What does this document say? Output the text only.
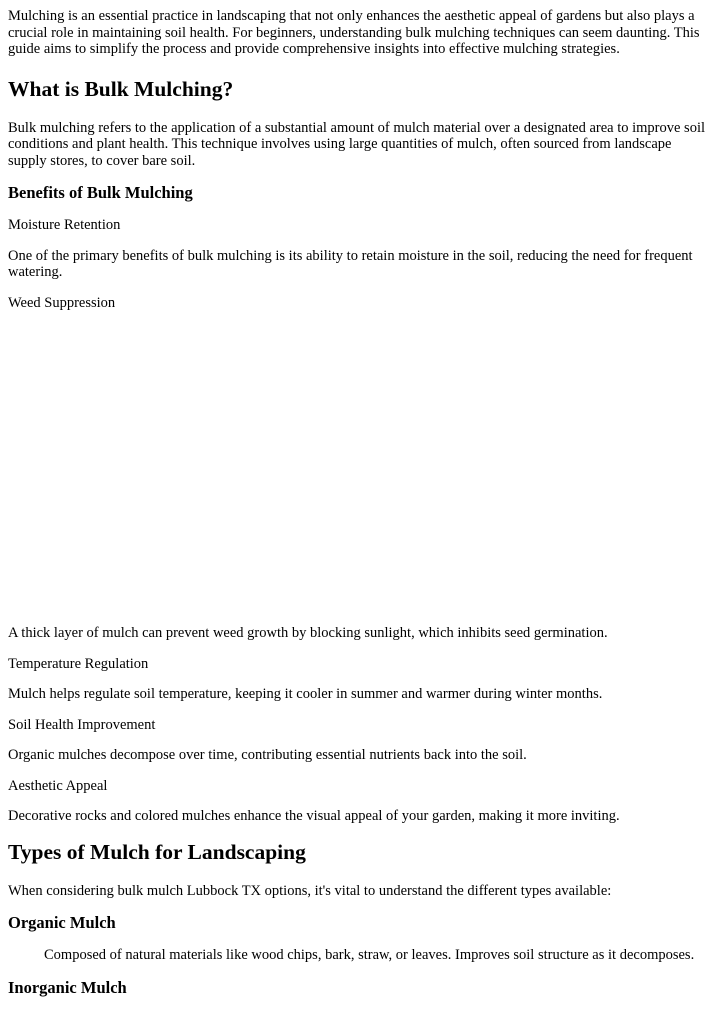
Mulching is an essential practice in landscaping that not only enhances the aesthetic appeal of gardens but also plays a crucial role in maintaining soil health. For beginners, understanding bulk mulching techniques can seem daunting. This guide aims to simplify the process and provide comprehensive insights into effective mulching strategies.

What is Bulk Mulching?

Bulk mulching refers to the application of a substantial amount of mulch material over a designated area to improve soil conditions and plant health. This technique involves using large quantities of mulch, often sourced from landscape supply stores, to cover bare soil.

Benefits of Bulk Mulching

Moisture Retention

One of the primary benefits of bulk mulching is its ability to retain moisture in the soil, reducing the need for frequent watering.

Weed Suppression

A thick layer of mulch can prevent weed growth by blocking sunlight, which inhibits seed germination.

Temperature Regulation

Mulch helps regulate soil temperature, keeping it cooler in summer and warmer during winter months.

Soil Health Improvement

Organic mulches decompose over time, contributing essential nutrients back into the soil.

Aesthetic Appeal

Decorative rocks and colored mulches enhance the visual appeal of your garden, making it more inviting.

Types of Mulch for Landscaping

When considering bulk mulch Lubbock TX options, it's vital to understand the different types available:

Organic Mulch
Composed of natural materials like wood chips, bark, straw, or leaves. Improves soil structure as it decomposes.
Inorganic Mulch
